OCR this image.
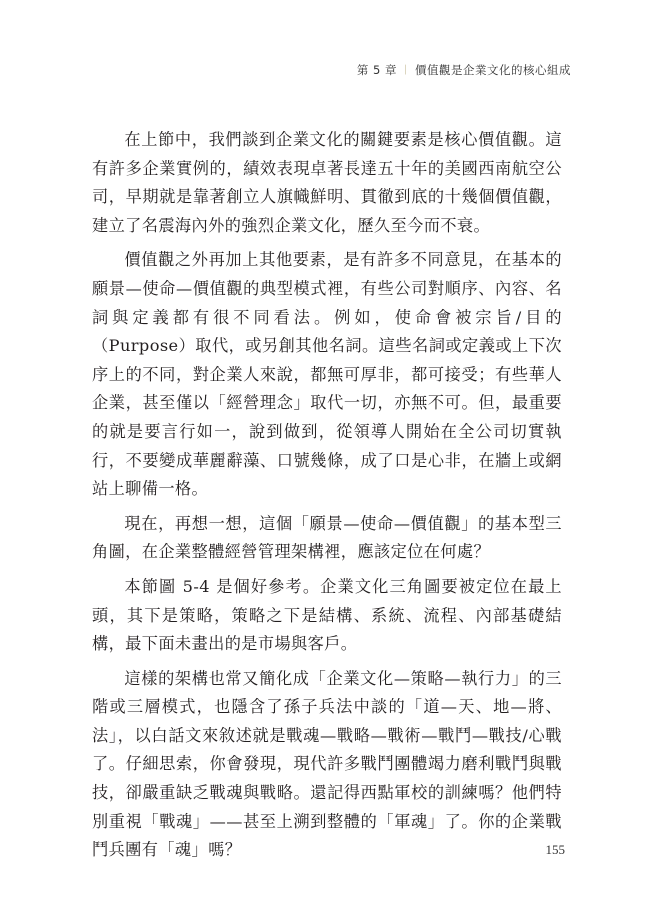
第 5 章 ︱ 價值觀是企業文化的核心組成

在上節中，我們談到企業文化的關鍵要素是核心價值觀。這有許多企業實例的，績效表現卓著長達五十年的美國西南航空公司，早期就是靠著創立人旗幟鮮明、貫徹到底的十幾個價值觀，建立了名震海內外的強烈企業文化，歷久至今而不衰。

價值觀之外再加上其他要素，是有許多不同意見，在基本的願景—使命—價值觀的典型模式裡，有些公司對順序、內容、名詞與定義都有很不同看法。例如，使命會被宗旨/目的（Purpose）取代，或另創其他名詞。這些名詞或定義或上下次序上的不同，對企業人來說，都無可厚非，都可接受；有些華人企業，甚至僅以「經營理念」取代一切，亦無不可。但，最重要的就是要言行如一，說到做到，從領導人開始在全公司切實執行，不要變成華麗辭藻、口號幾條，成了口是心非，在牆上或網站上聊備一格。

現在，再想一想，這個「願景—使命—價值觀」的基本型三角圖，在企業整體經營管理架構裡，應該定位在何處？

本節圖 5-4 是個好參考。企業文化三角圖要被定位在最上頭，其下是策略，策略之下是結構、系統、流程、內部基礎結構，最下面未畫出的是市場與客戶。

這樣的架構也常又簡化成「企業文化—策略—執行力」的三階或三層模式，也隱含了孫子兵法中談的「道—天、地—將、法」，以白話文來敘述就是戰魂—戰略—戰術—戰鬥—戰技/心戰了。仔細思索，你會發現，現代許多戰鬥團體竭力磨利戰鬥與戰技，卻嚴重缺乏戰魂與戰略。還記得西點軍校的訓練嗎？他們特別重視「戰魂」——甚至上溯到整體的「軍魂」了。你的企業戰鬥兵團有「魂」嗎？	155
